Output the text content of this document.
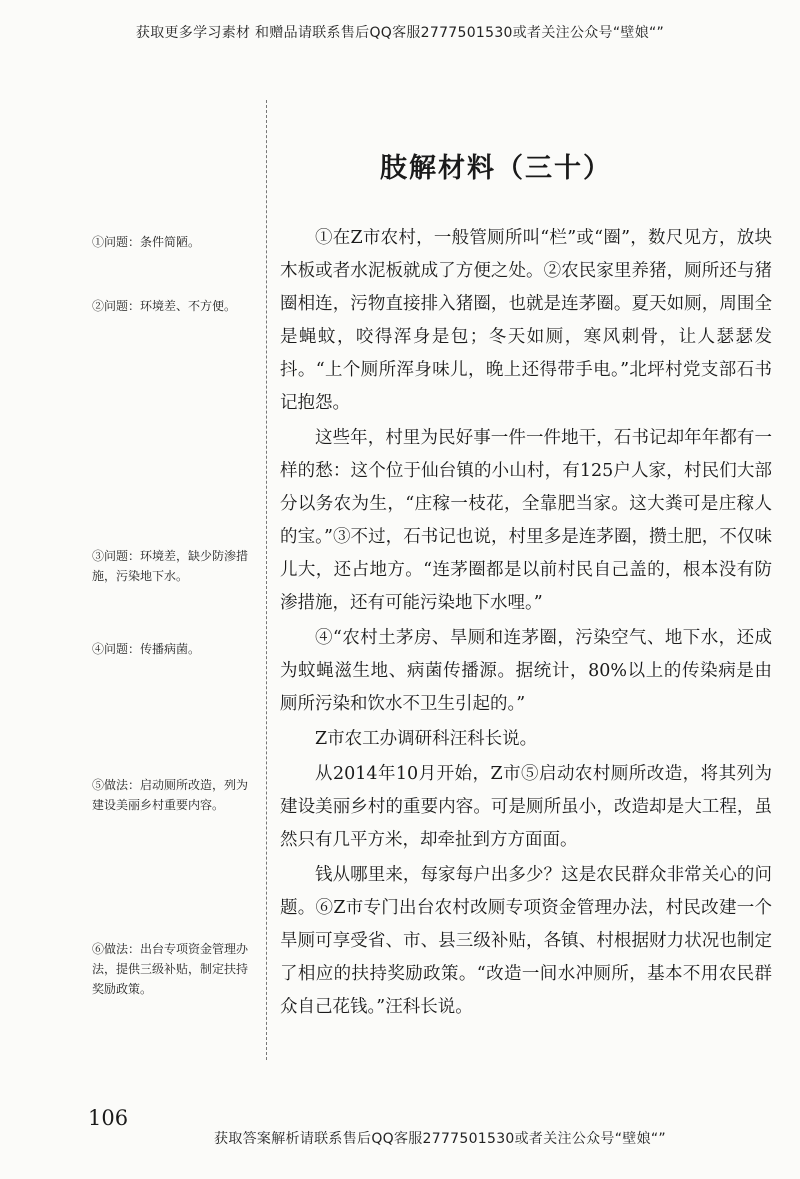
获取更多学习素材 和赠品请联系售后QQ客服2777501530或者关注公众号“壁娘“”
肢解材料（三十）
①问题：条件简陋。
②问题：环境差、不方便。
③问题：环境差，缺少防渗措施，污染地下水。
④问题：传播病菌。
⑤做法：启动厕所改造，列为建设美丽乡村重要内容。
⑥做法：出台专项资金管理办法，提供三级补贴，制定扶持奖励政策。

①在Z市农村，一般管厕所叫“栏”或“圈”，数尺见方，放块木板或者水泥板就成了方便之处。②农民家里养猪，厕所还与猪圈相连，污物直接排入猪圈，也就是连茅圈。夏天如厕，周围全是蝇蚊，咬得浑身是包；冬天如厕，寒风刺骨，让人瑟瑟发抖。“上个厕所浑身味儿，晚上还得带手电。”北坪村党支部石书记抱怨。

这些年，村里为民好事一件一件地干，石书记却年年都有一样的愁：这个位于仙台镇的小山村，有125户人家，村民们大部分以务农为生，“庄稼一枝花，全靠肥当家。这大粪可是庄稼人的宝。”③不过，石书记也说，村里多是连茅圈，攒土肥，不仅味儿大，还占地方。“连茅圈都是以前村民自己盖的，根本没有防渗措施，还有可能污染地下水哩。”

④“农村土茅房、旱厕和连茅圈，污染空气、地下水，还成为蚊蝇滋生地、病菌传播源。据统计，80%以上的传染病是由厕所污染和饮水不卫生引起的。”

Z市农工办调研科汪科长说。

从2014年10月开始，Z市⑤启动农村厕所改造，将其列为建设美丽乡村的重要内容。可是厕所虽小，改造却是大工程，虽然只有几平方米，却牵扯到方方面面。

钱从哪里来，每家每户出多少？这是农民群众非常关心的问题。⑥Z市专门出台农村改厕专项资金管理办法，村民改建一个旱厕可享受省、市、县三级补贴，各镇、村根据财力状况也制定了相应的扶持奖励政策。“改造一间水冲厕所，基本不用农民群众自己花钱。”汪科长说。

106
获取答案解析请联系售后QQ客服2777501530或者关注公众号“壁娘“”
